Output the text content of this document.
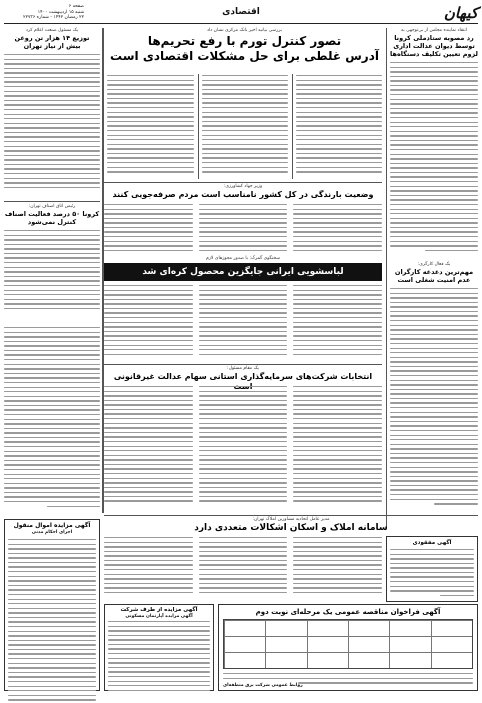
کیهان
اقتصادی
صفحه ۶
شنبه ۱۵ اردیبهشت ۱۴۰۰
۲۲ رمضان ۱۴۴۲ - شماره ۲۲۷۳۶
انتقاد نماینده مجلس از بی‌توجهی به
رد مصوبه ستادملی کرونا توسط دیوان عدالت اداری
لزوم تعیین تکلیف دستگاه‌ها
یک فعال کارگری:
مهم‌ترین دغدغه کارگران
عدم امنیت شغلی است
بررسی بیانیه اخیر بانک مرکزی نشان داد
تصور کنترل تورم با رفع تحریم‌ها
آدرس غلطی برای حل مشکلات اقتصادی است
یک مسئول صنعت اعلام کرد
توزیع ۱۴ هزار تن روغن
بیش از نیاز تهران
وزیر جهاد کشاورزی:
وضعیت بارندگی در کل کشور نامناسب است مردم صرفه‌جویی کنند
سخنگوی گمرک: با صدور مجوزهای لازم
لباسشویی ایرانی جایگزین محصول کره‌ای شد
رئیس اتاق اصناف تهران:
کرونا ۵۰ درصد فعالیت اصناف
کنترل نمی‌شود
یک مقام مسئول:
انتخابات شرکت‌های سرمایه‌گذاری استانی سهام عدالت غیرقانونی
مدیر عامل اتحادیه مشاورین املاک تهران:
سامانه املاک و اسکان اشکالات متعددی دارد
آگهی مفقودی
آگهی مزایده اموال منقول
اجرای احکام مدنی
آگهی مزایده از طرف شرکت
آگهی مزایده آپارتمان مسکونی
آگهی فراخوان مناقصه عمومی یک مرحله‌ای نوبت دوم
روابط عمومی شرکت برق منطقه‌ای
